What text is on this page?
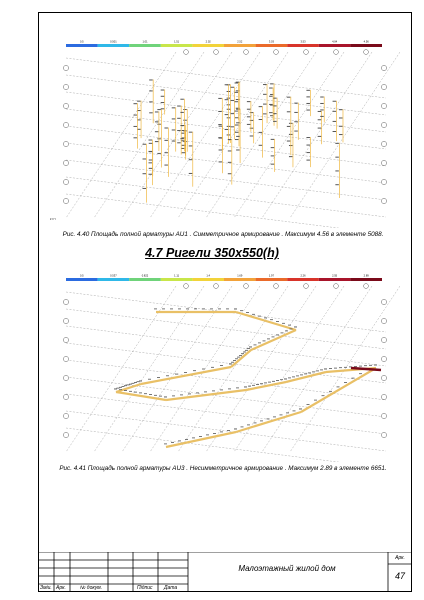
0.5	0.501	1.01	1.51	2.02	2.52	3.03	3.53	4.04	4.56
Z X Y
Рис. 4.40 Площадь полной арматуры AU1 . Симметричное армирование . Максимум 4.56 в элементе 5088.
4.7 Ригели 350х550(h)
0.5	0.537	0.822	1.11	1.4	1.69	1.97	2.26	2.55	2.89
Рис. 4.41 Площадь полной арматуры AU3 . Несимметричное армирование . Максимум 2.89 в элементе 6651.
Зміи. Арк.	№ докум.	Підпис Дата
Малоэтажный жилой дом
Арк.
47
